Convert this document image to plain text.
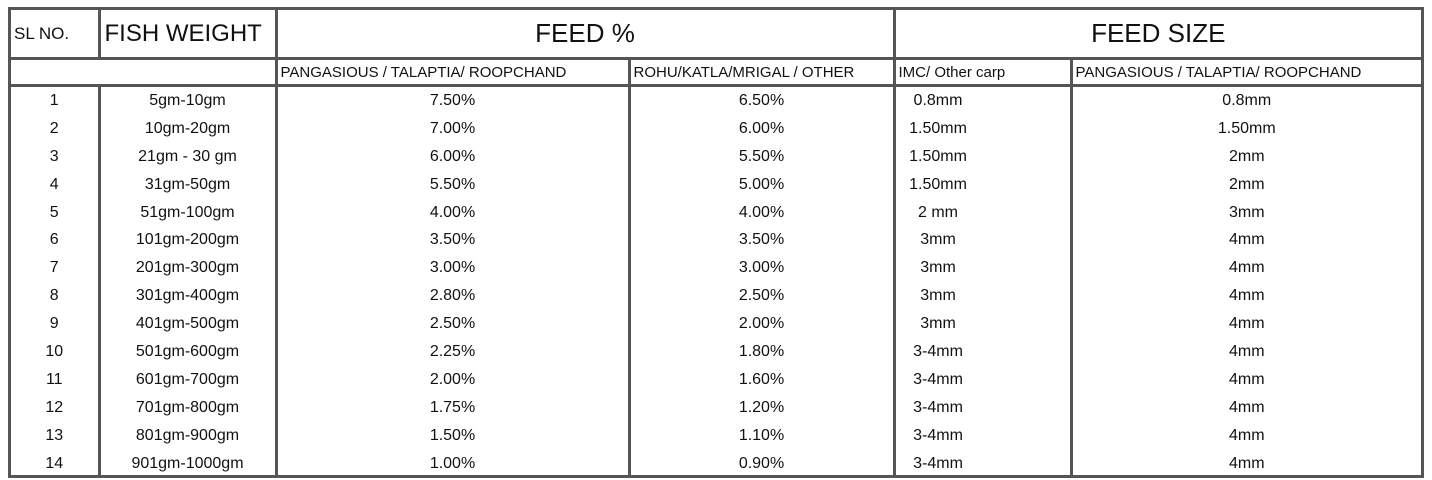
SL NO.	FISH WEIGHT	FEED %		FEED SIZE	
		PANGASIOUS / TALAPTIA/ ROOPCHAND	ROHU/KATLA/MRIGAL / OTHER	IMC/ Other carp	PANGASIOUS / TALAPTIA/ ROOPCHAND
1	5gm-10gm	7.50%	6.50%	0.8mm	0.8mm
2	10gm-20gm	7.00%	6.00%	1.50mm	1.50mm
3	21gm - 30 gm	6.00%	5.50%	1.50mm	2mm
4	31gm-50gm	5.50%	5.00%	1.50mm	2mm
5	51gm-100gm	4.00%	4.00%	2 mm	3mm
6	101gm-200gm	3.50%	3.50%	3mm	4mm
7	201gm-300gm	3.00%	3.00%	3mm	4mm
8	301gm-400gm	2.80%	2.50%	3mm	4mm
9	401gm-500gm	2.50%	2.00%	3mm	4mm
10	501gm-600gm	2.25%	1.80%	3-4mm	4mm
11	601gm-700gm	2.00%	1.60%	3-4mm	4mm
12	701gm-800gm	1.75%	1.20%	3-4mm	4mm
13	801gm-900gm	1.50%	1.10%	3-4mm	4mm
14	901gm-1000gm	1.00%	0.90%	3-4mm	4mm
